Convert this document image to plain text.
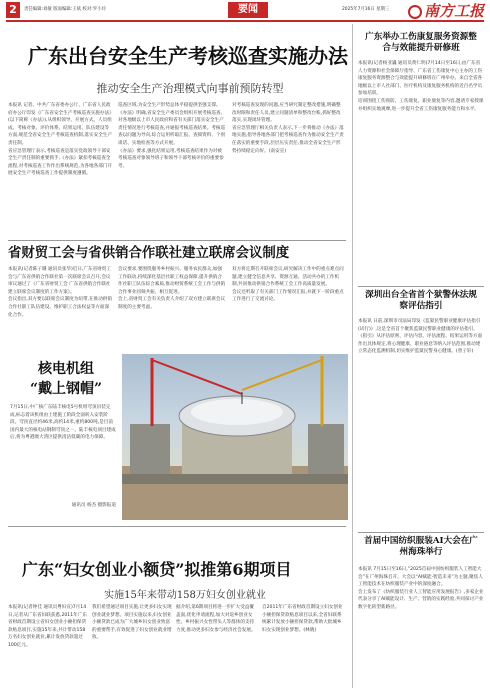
2	责任编辑:刘敏 版面编辑:王斌 校对:罗小玲	要闻	2025年7月16日 星期三	南方工报
广东出台安全生产考核巡查实施办法
推动安全生产治理模式向事前预防转型
本报讯 记者、中共广东省委办公厅、广东省人民政府办公厅印发《广东省安全生产考核巡查实施办法》(以下简称《办法》),从组织领导、开展方式、人员组成、考核对象、评价体系、结果运用、队伍建设等方面,规范全省安全生产考核巡查机制,落实安全生产责任制。
省应急管理厅表示,考核巡查是落实党政领导干部安全生产责任制的重要抓手,《办法》紧扣考核巡查全流程,对考核巡查工作作出系统规范,为各地各部门开展安全生产考核巡查工作提供制度遵循。
巡查区域,为安全生产形势总体平稳提供坚强支撑。
《办法》明确,省安全生产委员会组织开展考核巡查,对各地级以上市人民政府和省有关部门落实安全生产责任情况进行考核巡查,并通报考核巡查结果。考核巡查以问题为导向,综合运用听取汇报、查阅资料、个别谈话、实地检查等方式开展。
《办法》要求,强化结果运用,考核巡查结果作为对被考核巡查对象领导班子和领导干部考核评价的重要参考。
对考核巡查发现的问题,应当研究制定整改措施,明确整改时限和责任人员,建立问题清单和整改台账,抓好整改落实,实现闭环管理。
省应急管理厅相关负责人表示,下一步将推动《办法》落地实施,指导各地各部门把考核巡查作为推动安全生产责任落实的重要手段,层层压实责任,推动全省安全生产形势持续稳定向好。(南安宣)
省财贸工会与省供销合作联社建立联席会议制度
本报讯(记者陈子珊 通讯员张华)近日,广东省财贸工会与广东省供销合作联社第一次联席会议召开,会议审议通过了《广东省财贸工会 广东省供销合作联社建立联席会议制度的工作方案》。
会议指出,双方要以联席会议制度为纽带,在推动供销合作社职工队伍建设、维护职工合法权益等方面深化合作。
会议要求,要围绕服务乡村振兴、服务农民群众,加强工作联动,持续深化基层社职工权益保障,提升供销合作社职工队伍综合素质,推动财贸系统工会工作与供销合作事业同频共振、相互促进。
会上,省财贸工会有关负责人介绍了双方建立联席会议制度的主要考虑。
双方将定期召开联席会议,研究解决工作中的重点难点问题,建立健全信息共享、资源互通、活动共办的工作机制,共同推动供销合作系统工会工作高质量发展。
会议还听取了有关部门工作情况汇报,并就下一阶段重点工作进行了交流讨论。
核电机组
“戴上钢帽”
7月15日,中广核广东陆丰核电5号机组穹顶吊装完成,标志着该机组由土建施工阶段全面转入安装阶段。穹顶直径约46米,高约14米,重约800吨,是目前国内最大的核电站钢制穹顶之一。陆丰核电项目建成后,将为粤港澳大湾区提供清洁低碳的电力保障。
通讯员 杨杰 摄影报道
广东“妇女创业小额贷”拟推第6期项目
实施15年来带动158万妇女创业就业
本报讯(记者钟佳 通讯员粤妇宣)7月14日,记者从广东省妇联获悉,2011年广东省财政首期设立省妇女创业小额担保贷款贴息项目,实施15年来,共计带动158万名妇女创业就业,累计发放贷款超过100亿元。
我们希望通过项目实施,让更多妇女实现创业就业梦想。项目实施以来,妇女创业小额贷款已成为广大城乡妇女创业致富的重要帮手,有效促进了妇女创业就业增收。
据介绍,第6期项目将进一步扩大受益覆盖面,优化申请流程,加大对返乡创业女性、乡村振兴女性带头人等群体的支持力度,推动更多妇女参与经济社会发展。
自2011年广东省财政首期设立妇女创业小额担保贷款贴息项目以来,全省妇联系统累计发放小额担保贷款,帮助大批城乡妇女实现创业梦想。(林晓)
广东举办工伤康复服务资源整合与效能提升研修班
本报讯(记者杨亚巍 通讯员黄仁明)7月14日至16日,由广东省人力资源和社会保障厅指导、广东省工伤康复中心主办的工伤康复服务资源整合与效能提升研修班在广州举办。来自全省各地级以上市人社部门、医疗机构及康复服务机构的近百名学员参加培训。
培训围绕工伤预防、工伤康复、职业康复等内容,邀请专家授课并组织实地观摩,进一步提升全省工伤康复服务能力和水平。
深圳出台全省首个狱警休法规察评估指引
本报讯 日前,深圳市司法局印发《监狱民警职业健康评估指引(试行)》,这是全省首个聚焦监狱民警职业健康的评估指引。
《指引》从评估原则、评估内容、评估流程、结果运用等方面作出具体规定,将心理健康、职业倦怠等纳入评估范围,推动建立常态化监测机制,切实维护监狱民警身心健康。(曾子轩)
首届中国纺织服装AI大会在广州海珠举行
本报讯 7月15日至16日,“2025首届中国纺织服装人工智能大会”在广州海珠召开。大会以“AI赋能·智造未来”为主题,聚焦人工智能技术在纺织服装产业中的深度融合。
会上发布了《纺织服装行业人工智能应用发展报告》,多家企业代表分享了AI赋能设计、生产、营销的实践经验,共同探讨产业数字化转型新路径。
